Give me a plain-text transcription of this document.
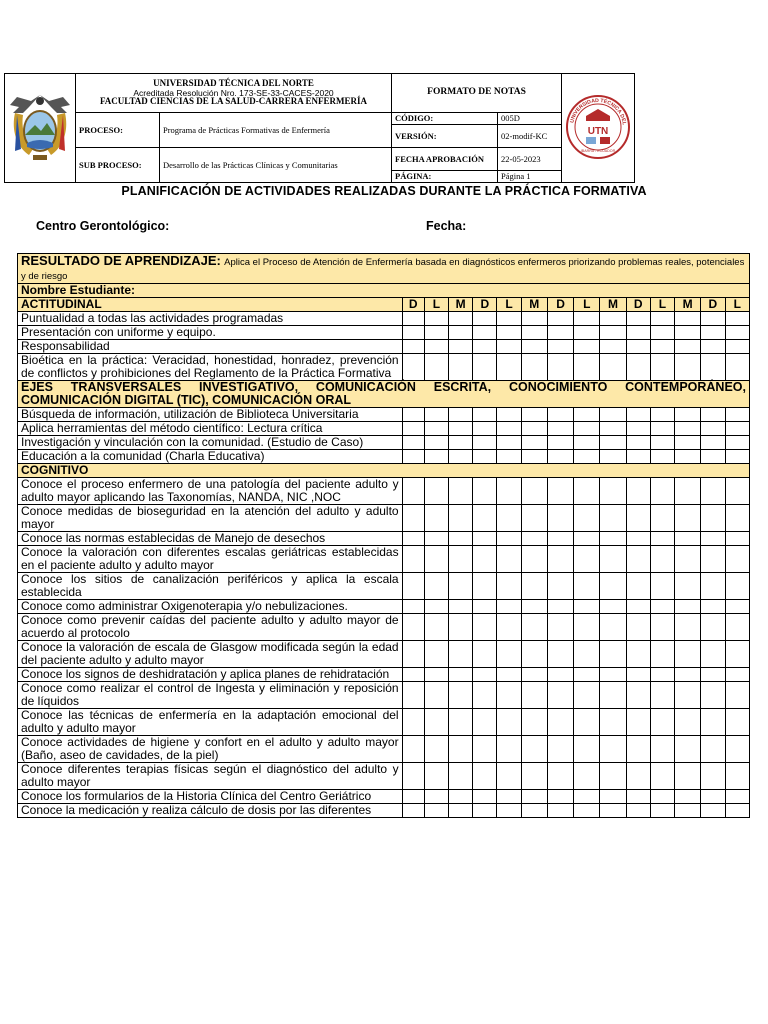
	UNIVERSIDAD TÉCNICA DEL NORTE
Acreditada Resolución Nro. 173-SE-33-CACES-2020
FACULTAD CIENCIAS DE LA SALUD-CARRERA ENFERMERÍA		FORMATO DE NOTAS		UNIVERSIDAD TÉCNICA DEL
UTN
IBARRA - ECUADOR

	PROCESO:	Programa de Prácticas Formativas de Enfermería	CÓDIGO:	005D	
			VERSIÓN:	02-modif-KC	
	SUB PROCESO:	Desarrollo de las Prácticas Clínicas y Comunitarias	FECHA APROBACIÓN	22-05-2023	
			PÁGINA:	Página 1	
PLANIFICACIÓN DE ACTIVIDADES REALIZADAS DURANTE LA PRÁCTICA FORMATIVA
Centro Gerontológico:	Fecha:
RESULTADO DE APRENDIZAJE: Aplica el Proceso de Atención de Enfermería basada en diagnósticos enfermeros priorizando problemas reales, potenciales y de riesgo														
Nombre Estudiante:														
ACTITUDINAL	D	L	M	D	L	M	D	L	M	D	L	M	D	L
Puntualidad a todas las actividades programadas														
Presentación con uniforme y equipo.														
Responsabilidad														
Bioética en la práctica: Veracidad, honestidad, honradez, prevención de conflictos y prohibiciones del Reglamento de la Práctica Formativa														
EJES TRANSVERSALES INVESTIGATIVO, COMUNICACIÓN ESCRITA, CONOCIMIENTO CONTEMPORÁNEO, COMUNICACIÓN DIGITAL (TIC), COMUNICACIÓN ORAL														
Búsqueda de información, utilización de Biblioteca Universitaria														
Aplica herramientas del método científico: Lectura crítica														
Investigación y vinculación con la comunidad. (Estudio de Caso)														
Educación a la comunidad (Charla Educativa)														
COGNITIVO														
Conoce el proceso enfermero de una patología del paciente adulto y adulto mayor aplicando las Taxonomías, NANDA, NIC ,NOC														
Conoce medidas de bioseguridad en la atención del adulto y adulto mayor														
Conoce las normas establecidas de Manejo de desechos														
Conoce la valoración con diferentes escalas geriátricas establecidas en el paciente adulto y adulto mayor														
Conoce los sitios de canalización periféricos y aplica la escala establecida														
Conoce como administrar Oxigenoterapia y/o nebulizaciones.														
Conoce como prevenir caídas del paciente adulto y adulto mayor de acuerdo al protocolo														
Conoce la valoración de escala de Glasgow modificada según la edad del paciente adulto y adulto mayor														
Conoce los signos de deshidratación y aplica planes de rehidratación														
Conoce como realizar el control de Ingesta y eliminación y reposición de líquidos														
Conoce las técnicas de enfermería en la adaptación emocional del adulto y adulto mayor														
Conoce actividades de higiene y confort en el adulto y adulto mayor (Baño, aseo de cavidades, de la piel)														
Conoce diferentes terapias físicas según el diagnóstico del adulto y adulto mayor														
Conoce los formularios de la Historia Clínica del Centro Geriátrico														
Conoce la medicación y realiza cálculo de dosis por las diferentes														
